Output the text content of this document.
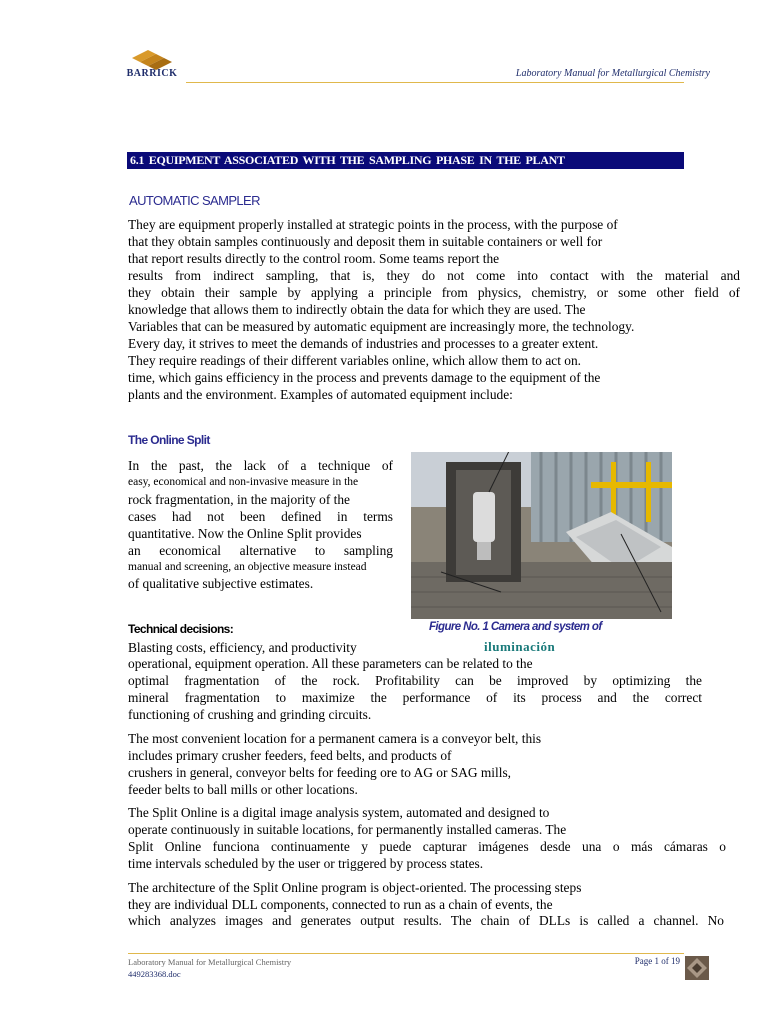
BARRICK	Laboratory Manual for Metallurgical Chemistry
6.1 EQUIPMENT ASSOCIATED WITH THE SAMPLING PHASE IN THE PLANT
AUTOMATIC SAMPLER
They are equipment properly installed at strategic points in the process, with the purpose of
that they obtain samples continuously and deposit them in suitable containers or well for
that report results directly to the control room. Some teams report the
results from indirect sampling, that is, they do not come into contact with the material and
they obtain their sample by applying a principle from physics, chemistry, or some other field of
knowledge that allows them to indirectly obtain the data for which they are used. The
Variables that can be measured by automatic equipment are increasingly more, the technology.
Every day, it strives to meet the demands of industries and processes to a greater extent.
They require readings of their different variables online, which allow them to act on.
time, which gains efficiency in the process and prevents damage to the equipment of the
plants and the environment. Examples of automated equipment include:
The Online Split
In the past, the lack of a technique of
easy, economical and non-invasive measure in the
rock fragmentation, in the majority of the
cases had not been defined in terms
quantitative. Now the Online Split provides
an economical alternative to sampling
manual and screening, an objective measure instead
of qualitative subjective estimates.
Figure No. 1 Camera and system of
iluminación
Technical decisions:
Blasting costs, efficiency, and productivity
operational, equipment operation. All these parameters can be related to the
optimal fragmentation of the rock. Profitability can be improved by optimizing the
mineral fragmentation to maximize the performance of its process and the correct
functioning of crushing and grinding circuits.
The most convenient location for a permanent camera is a conveyor belt, this
includes primary crusher feeders, feed belts, and products of
crushers in general, conveyor belts for feeding ore to AG or SAG mills,
feeder belts to ball mills or other locations.
The Split Online is a digital image analysis system, automated and designed to
operate continuously in suitable locations, for permanently installed cameras. The
Split Online funciona continuamente y puede capturar imágenes desde una o más cámaras o
time intervals scheduled by the user or triggered by process states.
The architecture of the Split Online program is object-oriented. The processing steps
they are individual DLL components, connected to run as a chain of events, the
which analyzes images and generates output results. The chain of DLLs is called a channel. No
Laboratory Manual for Metallurgical Chemistry
449283368.doc
Page 1 of 19
